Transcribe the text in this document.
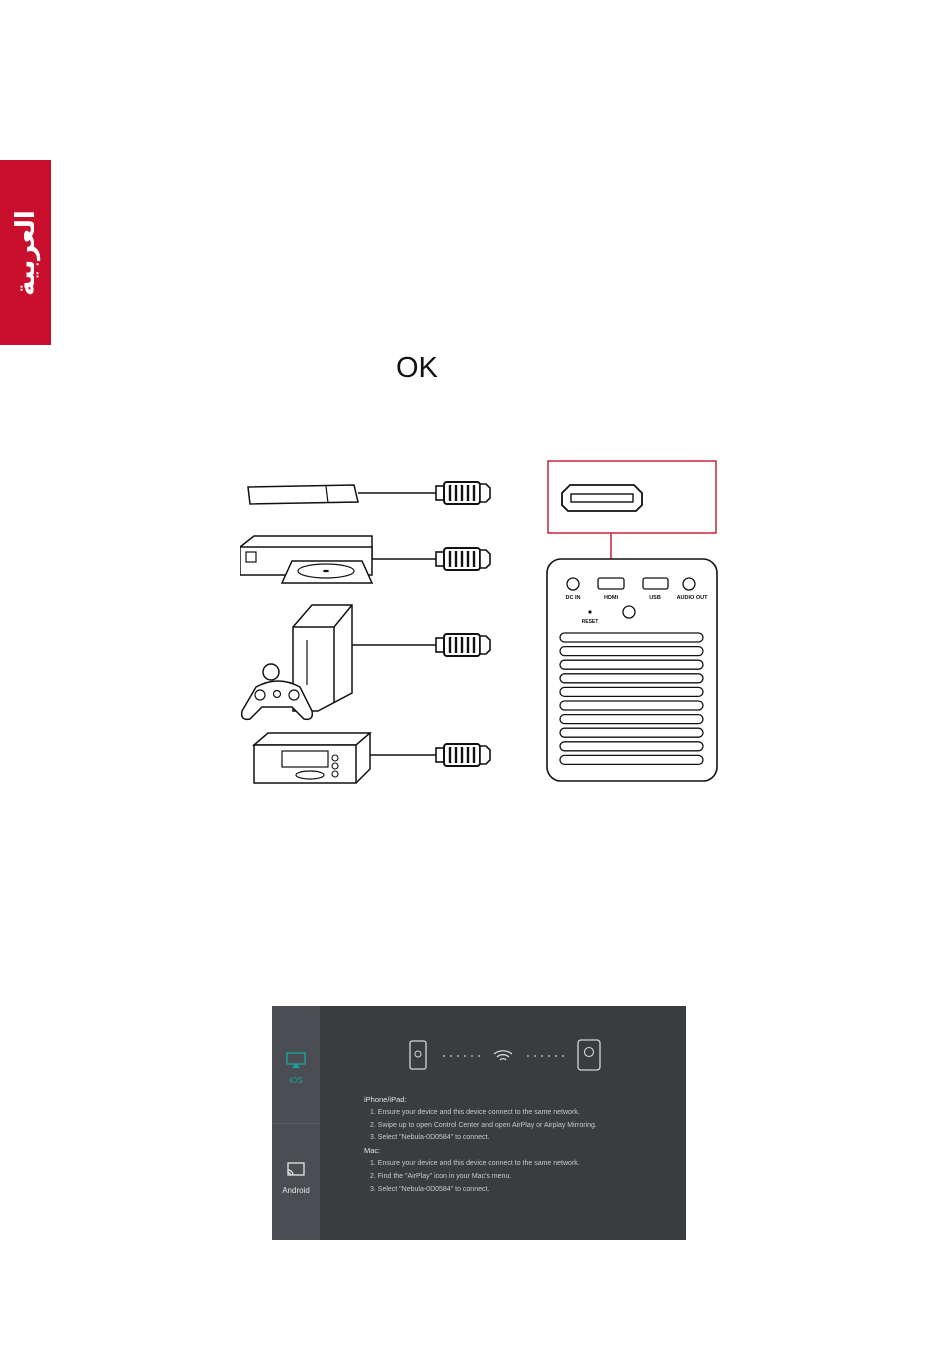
العربية
OK
DC IN	HDMI	USB	AUDIO OUT
RESET
iOS
Android
iPhone/iPad:
1. Ensure your device and this device connect to the same network.
2. Swipe up to open Control Center and open AirPlay or Airplay Mirroring.
3. Select "Nebula-0D0584" to connect.
Mac:
1. Ensure your device and this device connect to the same network.
2. Find the "AirPlay" icon in your Mac's menu.
3. Select "Nebula-0D0584" to connect.
